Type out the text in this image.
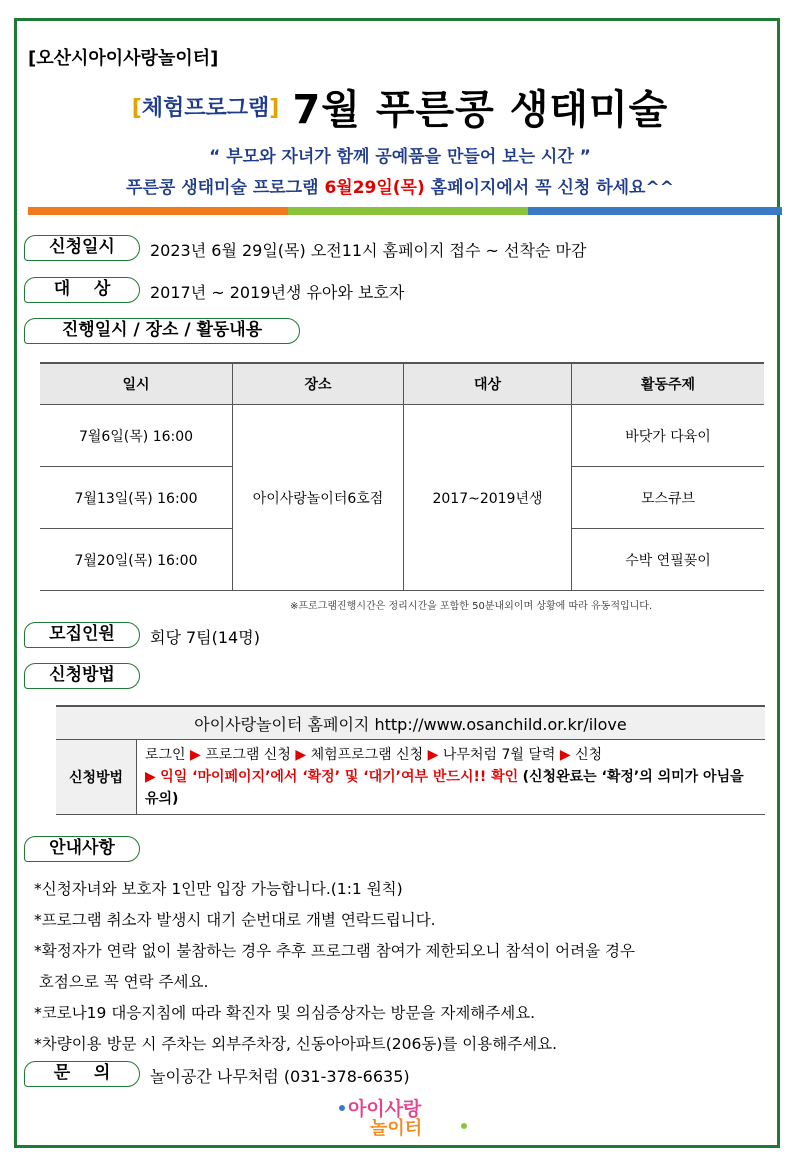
[오산시아이사랑놀이터]
[체험프로그램] 7월 푸른콩 생태미술
“ 부모와 자녀가 함께 공예품을 만들어 보는 시간 ”
푸른콩 생태미술 프로그램 6월29일(목) 홈페이지에서 꼭 신청 하세요^^
신청일시	2023년 6월 29일(목) 오전11시 홈페이지 접수 ~ 선착순 마감
대    상	2017년 ~ 2019년생 유아와 보호자
진행일시 / 장소 / 활동내용
일시	장소	대상	활동주제
7월6일(목) 16:00	아이사랑놀이터6호점	2017~2019년생	바닷가 다육이
7월13일(목) 16:00			모스큐브
7월20일(목) 16:00			수박 연필꽂이
※프로그램진행시간은 정리시간을 포함한 50분내외이며 상황에 따라 유동적입니다.
모집인원	회당 7팀(14명)
신청방법
아이사랑놀이터 홈페이지 http://www.osanchild.or.kr/ilove
신청방법	로그인 ▶ 프로그램 신청 ▶ 체험프로그램 신청 ▶ 나무처럼 7월 달력 ▶ 신청
▶ 익일 ‘마이페이지’에서 ‘확정’ 및 ‘대기’여부 반드시!! 확인 (신청완료는 ‘확정’의 의미가 아님을 유의)
안내사항
*신청자녀와 보호자 1인만 입장 가능합니다.(1:1 원칙)
*프로그램 취소자 발생시 대기 순번대로 개별 연락드립니다.
*확정자가 연락 없이 불참하는 경우 추후 프로그램 참여가 제한되오니 참석이 어려울 경우
호점으로 꼭 연락 주세요.
*코로나19 대응지침에 따라 확진자 및 의심증상자는 방문을 자제해주세요.
*차량이용 방문 시 주차는 외부주차장, 신동아아파트(206동)를 이용해주세요.
문    의	놀이공간 나무처럼 (031-378-6635)
아이사랑
놀이터
